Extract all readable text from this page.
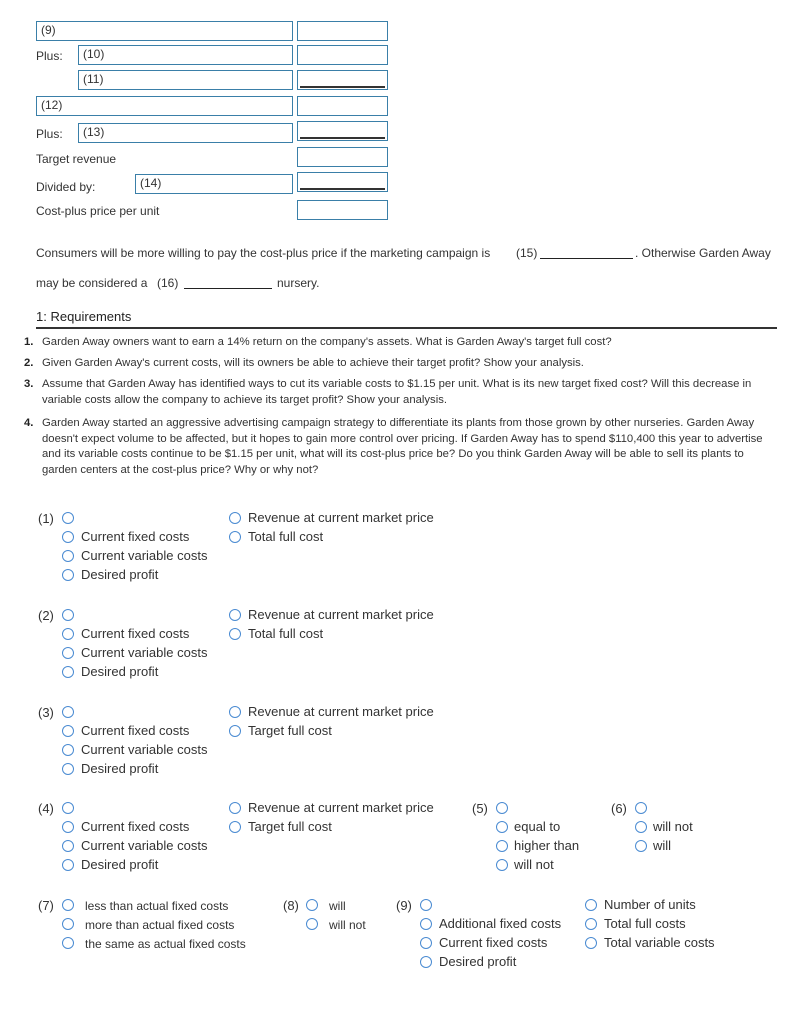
(9)
Plus:	(10)
(11)
(12)
Plus:	(13)
Target revenue
Divided by:	(14)
Cost-plus price per unit
Consumers will be more willing to pay the cost-plus price if the marketing campaign is (15)	. Otherwise Garden Away
may be considered a (16)	nursery.
1: Requirements
1. Garden Away owners want to earn a 14% return on the company's assets. What is Garden Away's target full cost?
2. Given Garden Away's current costs, will its owners be able to achieve their target profit? Show your analysis.
3. Assume that Garden Away has identified ways to cut its variable costs to $1.15 per unit. What is its new target fixed cost? Will this decrease in variable costs allow the company to achieve its target profit? Show your analysis.
4. Garden Away started an aggressive advertising campaign strategy to differentiate its plants from those grown by other nurseries. Garden Away doesn't expect volume to be affected, but it hopes to gain more control over pricing. If Garden Away has to spend $110,400 this year to advertise and its variable costs continue to be $1.15 per unit, what will its cost-plus price be? Do you think Garden Away will be able to sell its plants to garden centers at the cost-plus price? Why or why not?
(1)
Current fixed costs
Current variable costs
Desired profit
Revenue at current market price
Total full cost
(2)
Current fixed costs
Current variable costs
Desired profit
Revenue at current market price
Total full cost
(3)
Current fixed costs
Current variable costs
Desired profit
Revenue at current market price
Target full cost
(4)
Current fixed costs
Current variable costs
Desired profit
Revenue at current market price
Target full cost
(5)
equal to
higher than
will not
(6)
will not
will
(7)	less than actual fixed costs
more than actual fixed costs
the same as actual fixed costs
(8)	will
will not
(9)
Additional fixed costs
Current fixed costs
Desired profit
Number of units
Total full costs
Total variable costs
